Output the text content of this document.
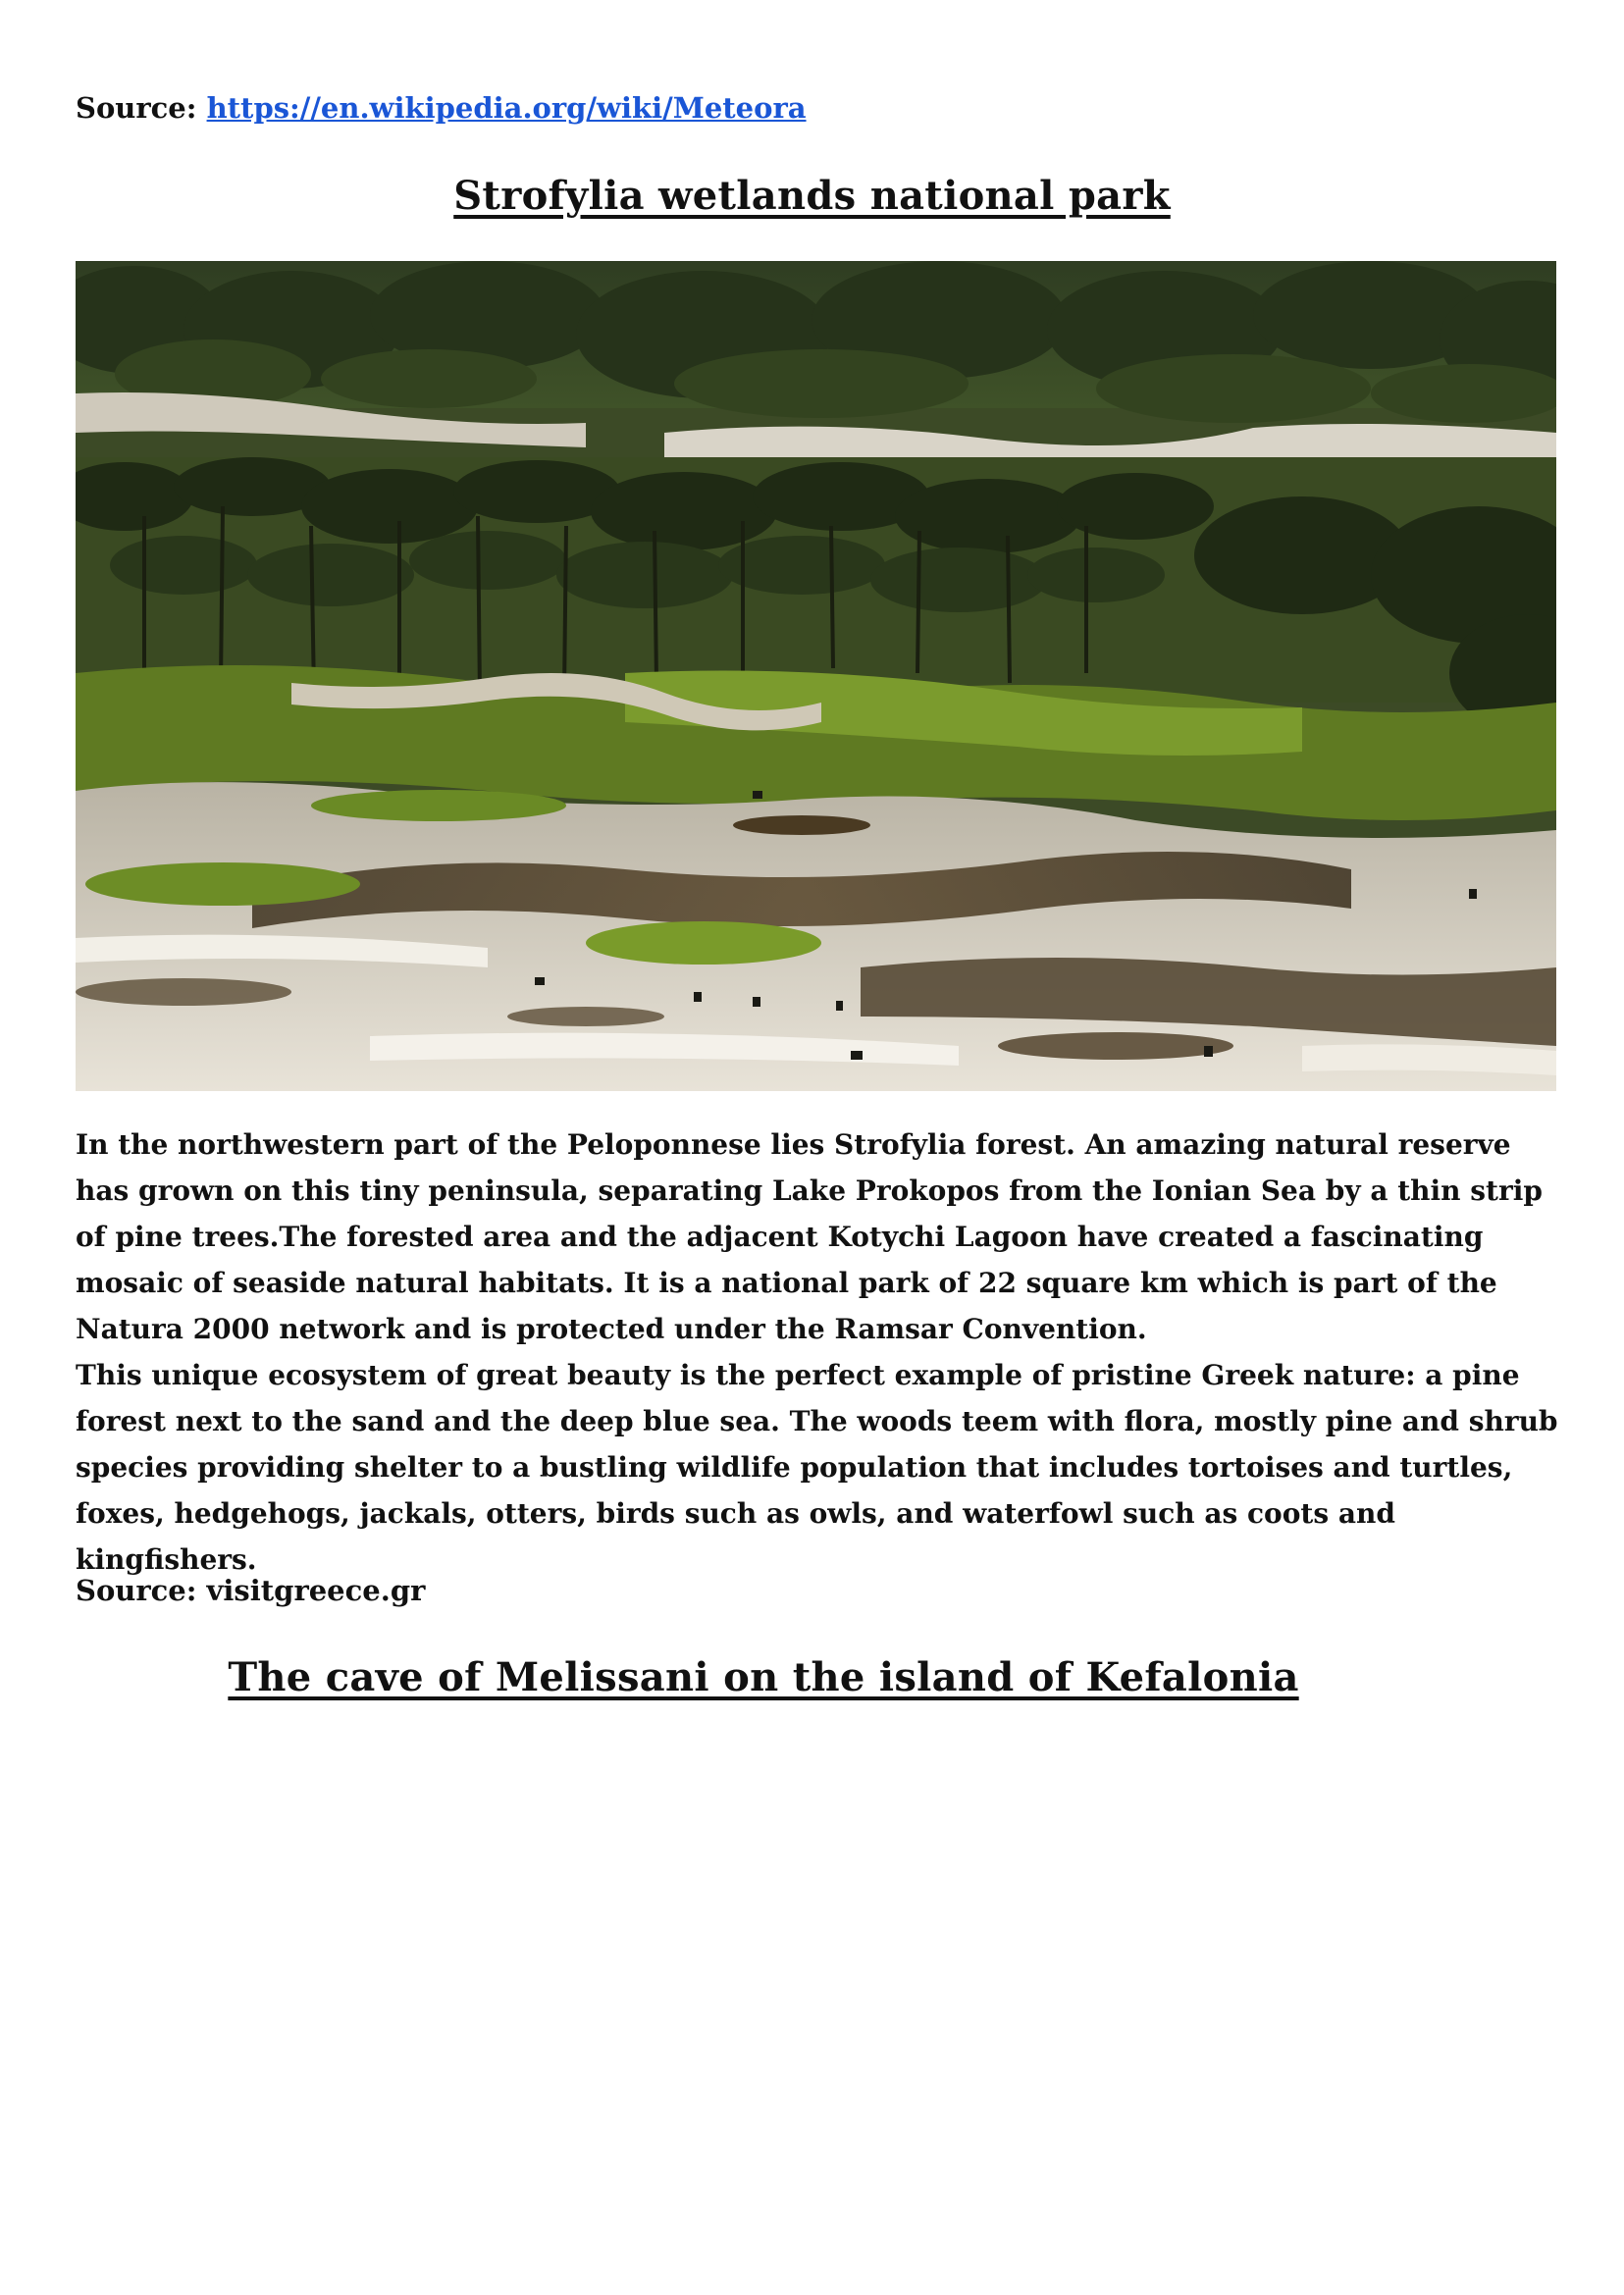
Source: https://en.wikipedia.org/wiki/Meteora
Strofylia wetlands national park

In the northwestern part of the Peloponnese lies Strofylia forest. An amazing natural reserve has grown on this tiny peninsula, separating Lake Prokopos from the Ionian Sea by a thin strip of pine trees.The forested area and the adjacent Kotychi Lagoon have created a fascinating mosaic of seaside natural habitats. It is a national park of 22 square km which is part of the Natura 2000 network and is protected under the Ramsar Convention.

This unique ecosystem of great beauty is the perfect example of pristine Greek nature: a pine forest next to the sand and the deep blue sea. The woods teem with flora, mostly pine and shrub species providing shelter to a bustling wildlife population that includes tortoises and turtles, foxes, hedgehogs, jackals, otters, birds such as owls, and waterfowl such as coots and kingfishers.

Source: visitgreece.gr
The cave of Melissani on the island of Kefalonia
